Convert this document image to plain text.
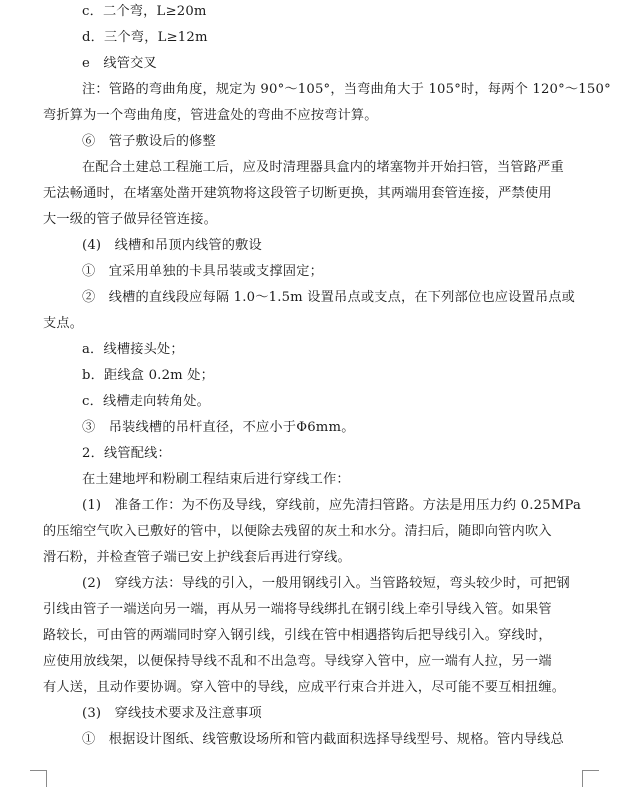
c．二个弯，L≥20m
d．三个弯，L≥12m
e　线管交叉
注：管路的弯曲角度，规定为 90°～105°，当弯曲角大于 105°时，每两个 120°～150°
弯折算为一个弯曲角度，管进盒处的弯曲不应按弯计算。
⑥　管子敷设后的修整
在配合土建总工程施工后，应及时清理器具盒内的堵塞物并开始扫管，当管路严重
无法畅通时，在堵塞处凿开建筑物将这段管子切断更换，其两端用套管连接，严禁使用
大一级的管子做异径管连接。
(4)　线槽和吊顶内线管的敷设
①　宜采用单独的卡具吊装或支撑固定；
②　线槽的直线段应每隔 1.0～1.5m 设置吊点或支点，在下列部位也应设置吊点或
支点。
a．线槽接头处；
b．距线盒 0.2m 处；
c．线槽走向转角处。
③　吊装线槽的吊杆直径，不应小于Φ6mm。
2．线管配线：
在土建地坪和粉刷工程结束后进行穿线工作：
(1)　准备工作：为不伤及导线，穿线前，应先清扫管路。方法是用压力约 0.25MPa
的压缩空气吹入已敷好的管中，以便除去残留的灰土和水分。清扫后，随即向管内吹入
滑石粉，并检查管子端已安上护线套后再进行穿线。
(2)　穿线方法：导线的引入，一般用钢线引入。当管路较短，弯头较少时，可把钢
引线由管子一端送向另一端，再从另一端将导线绑扎在钢引线上牵引导线入管。如果管
路较长，可由管的两端同时穿入钢引线，引线在管中相遇搭钩后把导线引入。穿线时，
应使用放线架，以便保持导线不乱和不出急弯。导线穿入管中，应一端有人拉，另一端
有人送，且动作要协调。穿入管中的导线，应成平行束合并进入，尽可能不要互相扭缠。
(3)　穿线技术要求及注意事项
①　根据设计图纸、线管敷设场所和管内截面积选择导线型号、规格。管内导线总
